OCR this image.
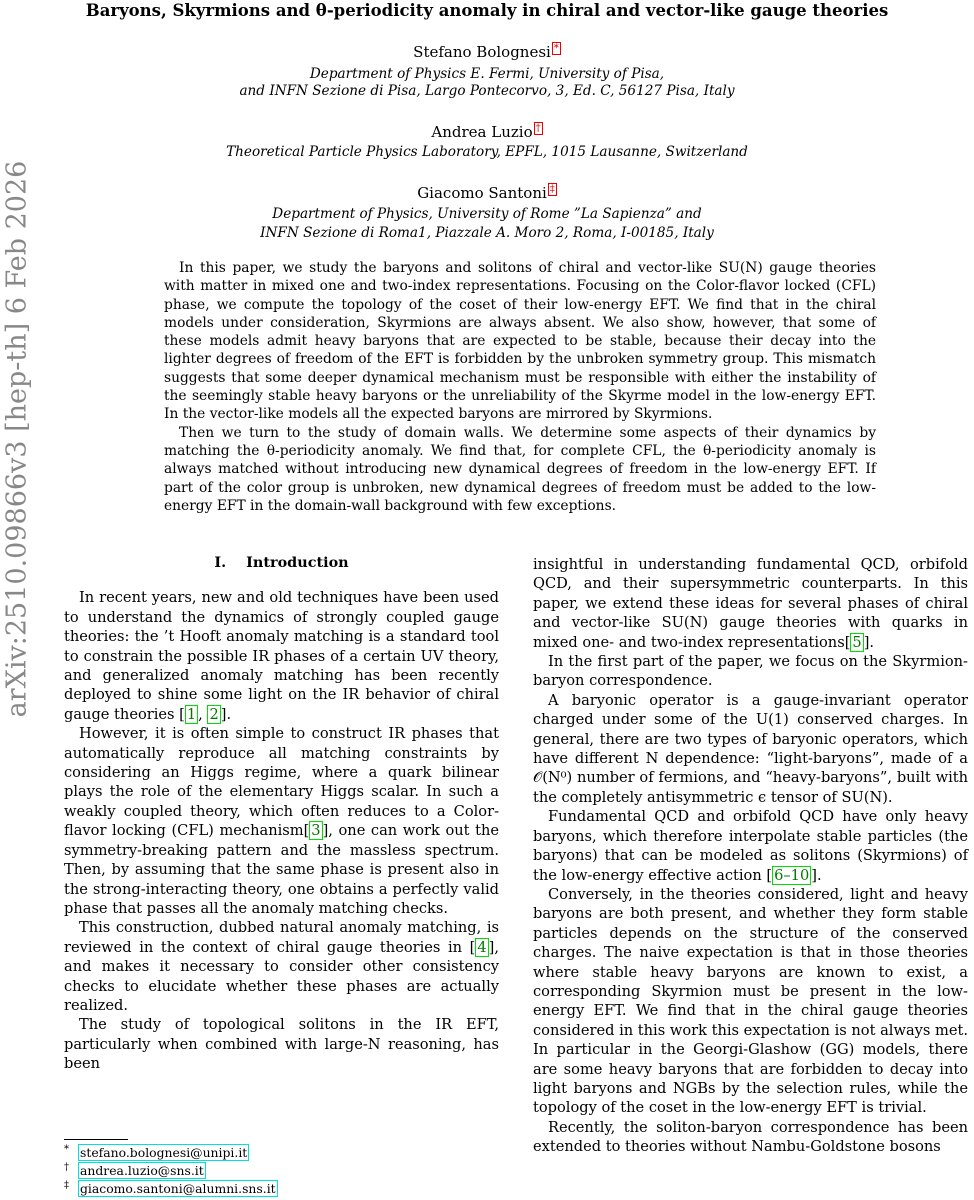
Baryons, Skyrmions and θ-periodicity anomaly in chiral and vector-like gauge theories
arXiv:2510.09866v3 [hep-th] 6 Feb 2026
Stefano Bolognesi *
Department of Physics E. Fermi, University of Pisa,
and INFN Sezione di Pisa, Largo Pontecorvo, 3, Ed. C, 56127 Pisa, Italy
Andrea Luzio †
Theoretical Particle Physics Laboratory, EPFL, 1015 Lausanne, Switzerland
Giacomo Santoni ‡
Department of Physics, University of Rome ”La Sapienza” and
INFN Sezione di Roma1, Piazzale A. Moro 2, Roma, I-00185, Italy

In this paper, we study the baryons and solitons of chiral and vector-like SU(N) gauge theories with matter in mixed one and two-index representations. Focusing on the Color-flavor locked (CFL) phase, we compute the topology of the coset of their low-energy EFT. We find that in the chiral models under consideration, Skyrmions are always absent. We also show, however, that some of these models admit heavy baryons that are expected to be stable, because their decay into the lighter degrees of freedom of the EFT is forbidden by the unbroken symmetry group. This mismatch suggests that some deeper dynamical mechanism must be responsible with either the instability of the seemingly stable heavy baryons or the unreliability of the Skyrme model in the low-energy EFT. In the vector-like models all the expected baryons are mirrored by Skyrmions.

Then we turn to the study of domain walls. We determine some aspects of their dynamics by matching the θ-periodicity anomaly. We find that, for complete CFL, the θ-periodicity anomaly is always matched without introducing new dynamical degrees of freedom in the low-energy EFT. If part of the color group is unbroken, new dynamical degrees of freedom must be added to the low-energy EFT in the domain-wall background with few exceptions.

I. Introduction

In recent years, new and old techniques have been used to understand the dynamics of strongly coupled gauge theories: the ’t Hooft anomaly matching is a standard tool to constrain the possible IR phases of a certain UV theory, and generalized anomaly matching has been recently deployed to shine some light on the IR behavior of chiral gauge theories [ 1 , 2 ].

However, it is often simple to construct IR phases that automatically reproduce all matching constraints by considering an Higgs regime, where a quark bilinear plays the role of the elementary Higgs scalar. In such a weakly coupled theory, which often reduces to a Color-flavor locking (CFL) mechanism[ 3 ], one can work out the symmetry-breaking pattern and the massless spectrum. Then, by assuming that the same phase is present also in the strong-interacting theory, one obtains a perfectly valid phase that passes all the anomaly matching checks.

This construction, dubbed natural anomaly matching, is reviewed in the context of chiral gauge theories in [ 4 ], and makes it necessary to consider other consistency checks to elucidate whether these phases are actually realized.

The study of topological solitons in the IR EFT, particularly when combined with large-N reasoning, has been

insightful in understanding fundamental QCD, orbifold QCD, and their supersymmetric counterparts. In this paper, we extend these ideas for several phases of chiral and vector-like SU(N) gauge theories with quarks in mixed one- and two-index representations[ 5 ].

In the first part of the paper, we focus on the Skyrmion-baryon correspondence.

A baryonic operator is a gauge-invariant operator charged under some of the U(1) conserved charges. In general, there are two types of baryonic operators, which have different N dependence: “light-baryons”, made of a 𝒪(N⁰) number of fermions, and “heavy-baryons”, built with the completely antisymmetric ϵ tensor of SU(N).

Fundamental QCD and orbifold QCD have only heavy baryons, which therefore interpolate stable particles (the baryons) that can be modeled as solitons (Skyrmions) of the low-energy effective action [ 6–10 ].

Conversely, in the theories considered, light and heavy baryons are both present, and whether they form stable particles depends on the structure of the conserved charges. The naive expectation is that in those theories where stable heavy baryons are known to exist, a corresponding Skyrmion must be present in the low-energy EFT. We find that in the chiral gauge theories considered in this work this expectation is not always met. In particular in the Georgi-Glashow (GG) models, there are some heavy baryons that are forbidden to decay into light baryons and NGBs by the selection rules, while the topology of the coset in the low-energy EFT is trivial.

Recently, the soliton-baryon correspondence has been extended to theories without Nambu-Goldstone bosons

* stefano.bolognesi@unipi.it
† andrea.luzio@sns.it
‡ giacomo.santoni@alumni.sns.it
